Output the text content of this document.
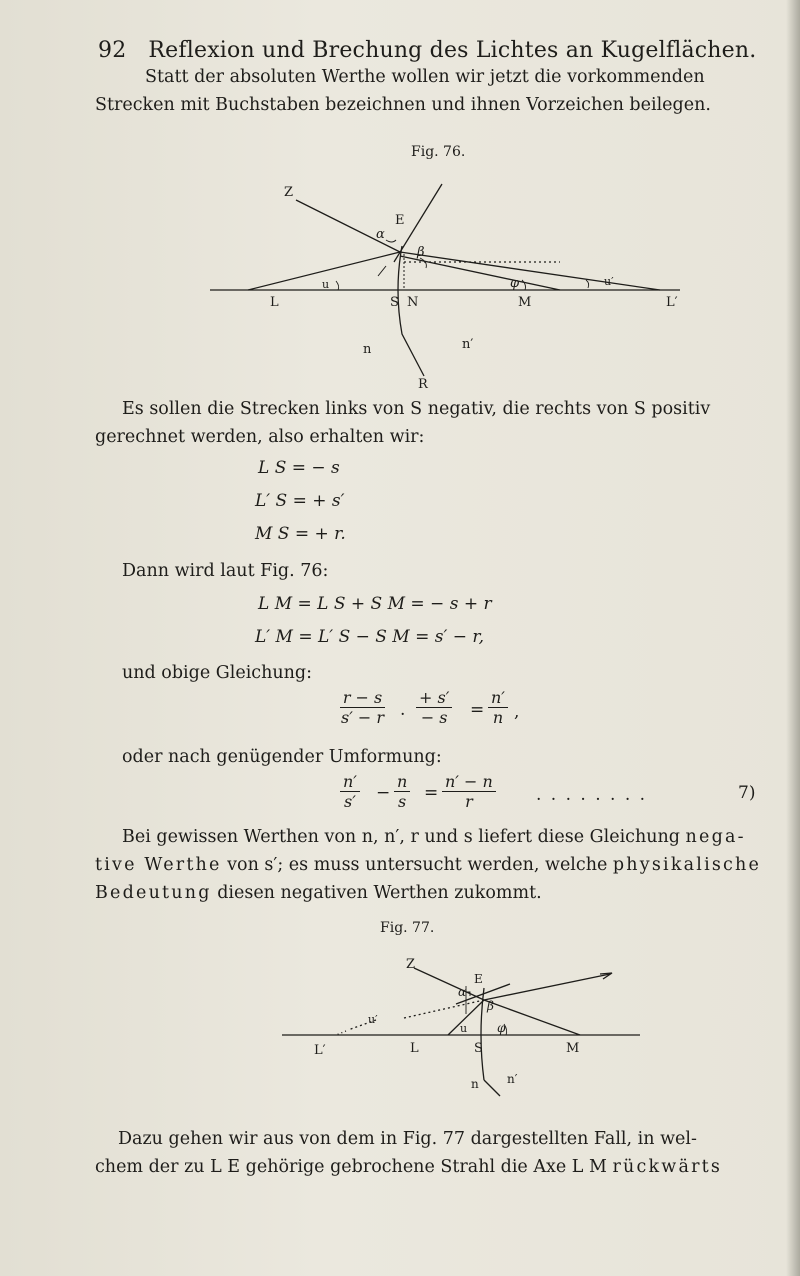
92 Reflexion und Brechung des Lichtes an Kugelflächen.
Statt der absoluten Werthe wollen wir jetzt die vorkommenden
Strecken mit Buchstaben bezeichnen und ihnen Vorzeichen beilegen.
Fig. 76.
Z
E
α
β
φ
u	u′
L	S N	M	L′
n	n′
R
Es sollen die Strecken links von S negativ, die rechts von S positiv
gerechnet werden, also erhalten wir:
L S = − s
L′ S = + s′
M S = + r.
Dann wird laut Fig. 76:
L M = L S + S M = − s + r
L′ M = L′ S − S M = s′ − r,
und obige Gleichung:
$\frac{r - s}{s' - r}$ . $\frac{+ s'}{- s} = \frac{n'}{n}$ ,
oder nach genügender Umformung:
$\frac{n'}{s'} - \frac{n}{s} = \frac{n' - n}{r}$ . . . . . . . .	7)
Bei gewissen Werthen von n, n′, r und s liefert diese Gleichung nega-
tive Werthe von s′; es muss untersucht werden, welche physikalische
Bedeutung diesen negativen Werthen zukommt.
Fig. 77.
Z
E
α
β
φ
u
u′
L′	L	S	M
n n′
Dazu gehen wir aus von dem in Fig. 77 dargestellten Fall, in wel-
chem der zu L E gehörige gebrochene Strahl die Axe L M rückwärts
